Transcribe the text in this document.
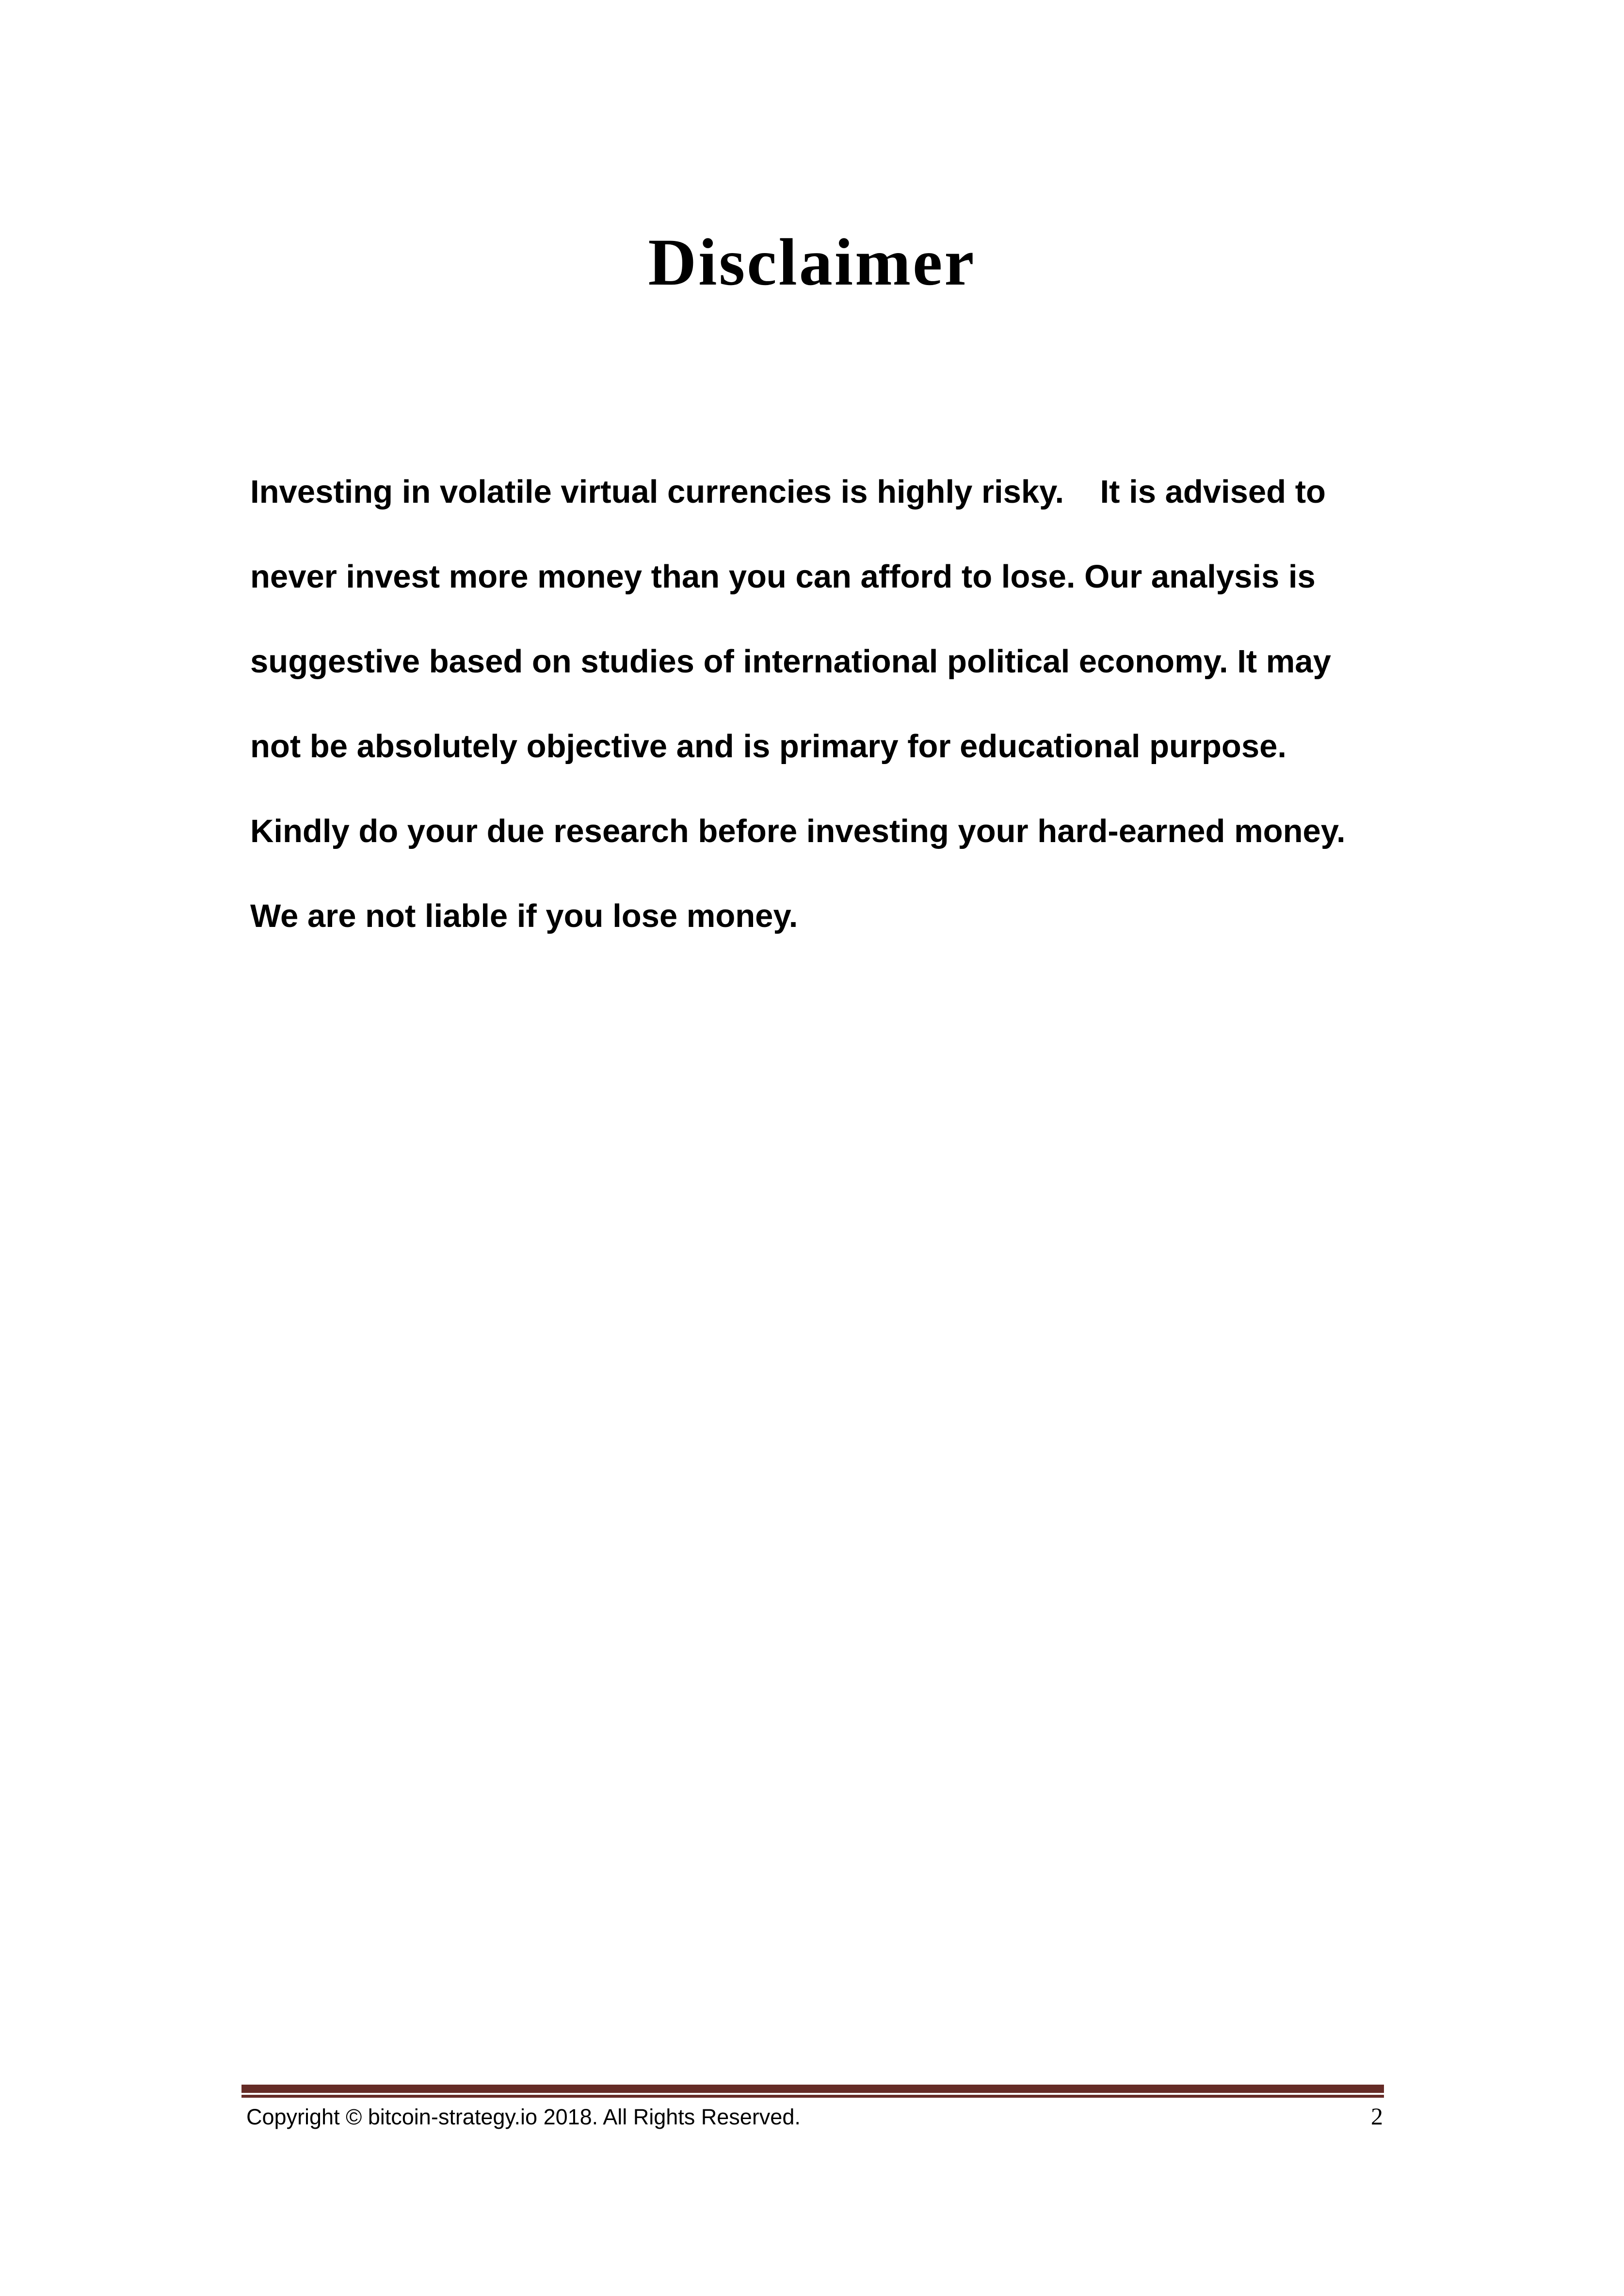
Disclaimer
Investing in volatile virtual currencies is highly risky.    It is advised to
never invest more money than you can afford to lose. Our analysis is
suggestive based on studies of international political economy. It may
not be absolutely objective and is primary for educational purpose.
Kindly do your due research before investing your hard-earned money.
We are not liable if you lose money.
Copyright © bitcoin-strategy.io 2018. All Rights Reserved.	2
